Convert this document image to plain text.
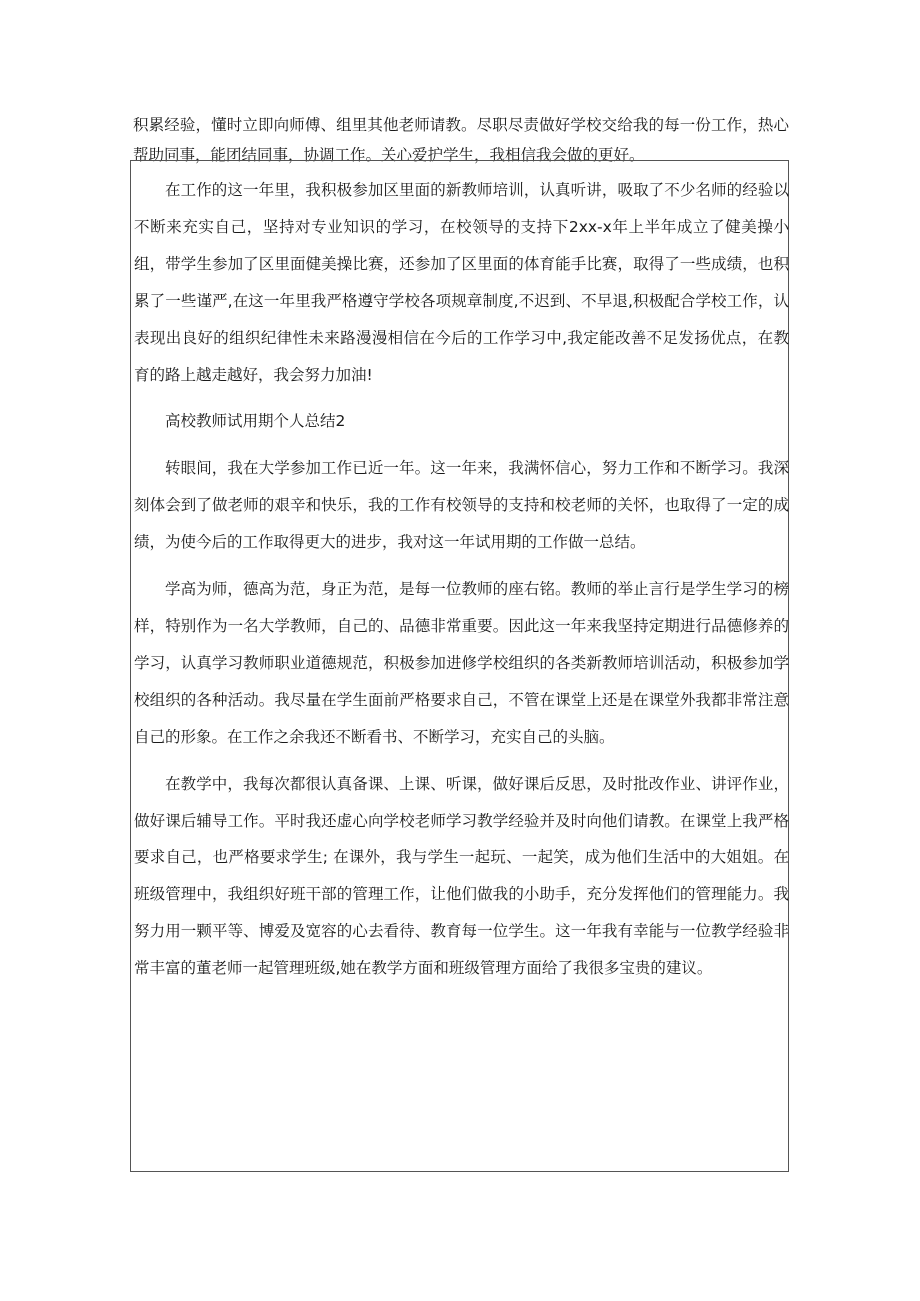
积累经验，懂时立即向师傅、组里其他老师请教。尽职尽责做好学校交给我的每一份工作，热心帮助同事，能团结同事，协调工作。关心爱护学生，我相信我会做的更好。

在工作的这一年里，我积极参加区里面的新教师培训，认真听讲，吸取了不少名师的经验以不断来充实自己，坚持对专业知识的学习，在校领导的支持下2xx-x年上半年成立了健美操小组，带学生参加了区里面健美操比赛，还参加了区里面的体育能手比赛，取得了一些成绩，也积累了一些谨严,在这一年里我严格遵守学校各项规章制度,不迟到、不早退,积极配合学校工作，认表现出良好的组织纪律性未来路漫漫相信在今后的工作学习中,我定能改善不足发扬优点，在教育的路上越走越好，我会努力加油!

高校教师试用期个人总结2

转眼间，我在大学参加工作已近一年。这一年来，我满怀信心，努力工作和不断学习。我深刻体会到了做老师的艰辛和快乐，我的工作有校领导的支持和校老师的关怀，也取得了一定的成绩，为使今后的工作取得更大的进步，我对这一年试用期的工作做一总结。

学高为师，德高为范，身正为范，是每一位教师的座右铭。教师的举止言行是学生学习的榜样，特别作为一名大学教师，自己的、品德非常重要。因此这一年来我坚持定期进行品德修养的学习，认真学习教师职业道德规范，积极参加进修学校组织的各类新教师培训活动，积极参加学校组织的各种活动。我尽量在学生面前严格要求自己，不管在课堂上还是在课堂外我都非常注意自己的形象。在工作之余我还不断看书、不断学习，充实自己的头脑。

在教学中，我每次都很认真备课、上课、听课，做好课后反思，及时批改作业、讲评作业，做好课后辅导工作。平时我还虚心向学校老师学习教学经验并及时向他们请教。在课堂上我严格要求自己，也严格要求学生; 在课外，我与学生一起玩、一起笑，成为他们生活中的大姐姐。在班级管理中，我组织好班干部的管理工作，让他们做我的小助手，充分发挥他们的管理能力。我努力用一颗平等、博爱及宽容的心去看待、教育每一位学生。这一年我有幸能与一位教学经验非常丰富的董老师一起管理班级,她在教学方面和班级管理方面给了我很多宝贵的建议。
